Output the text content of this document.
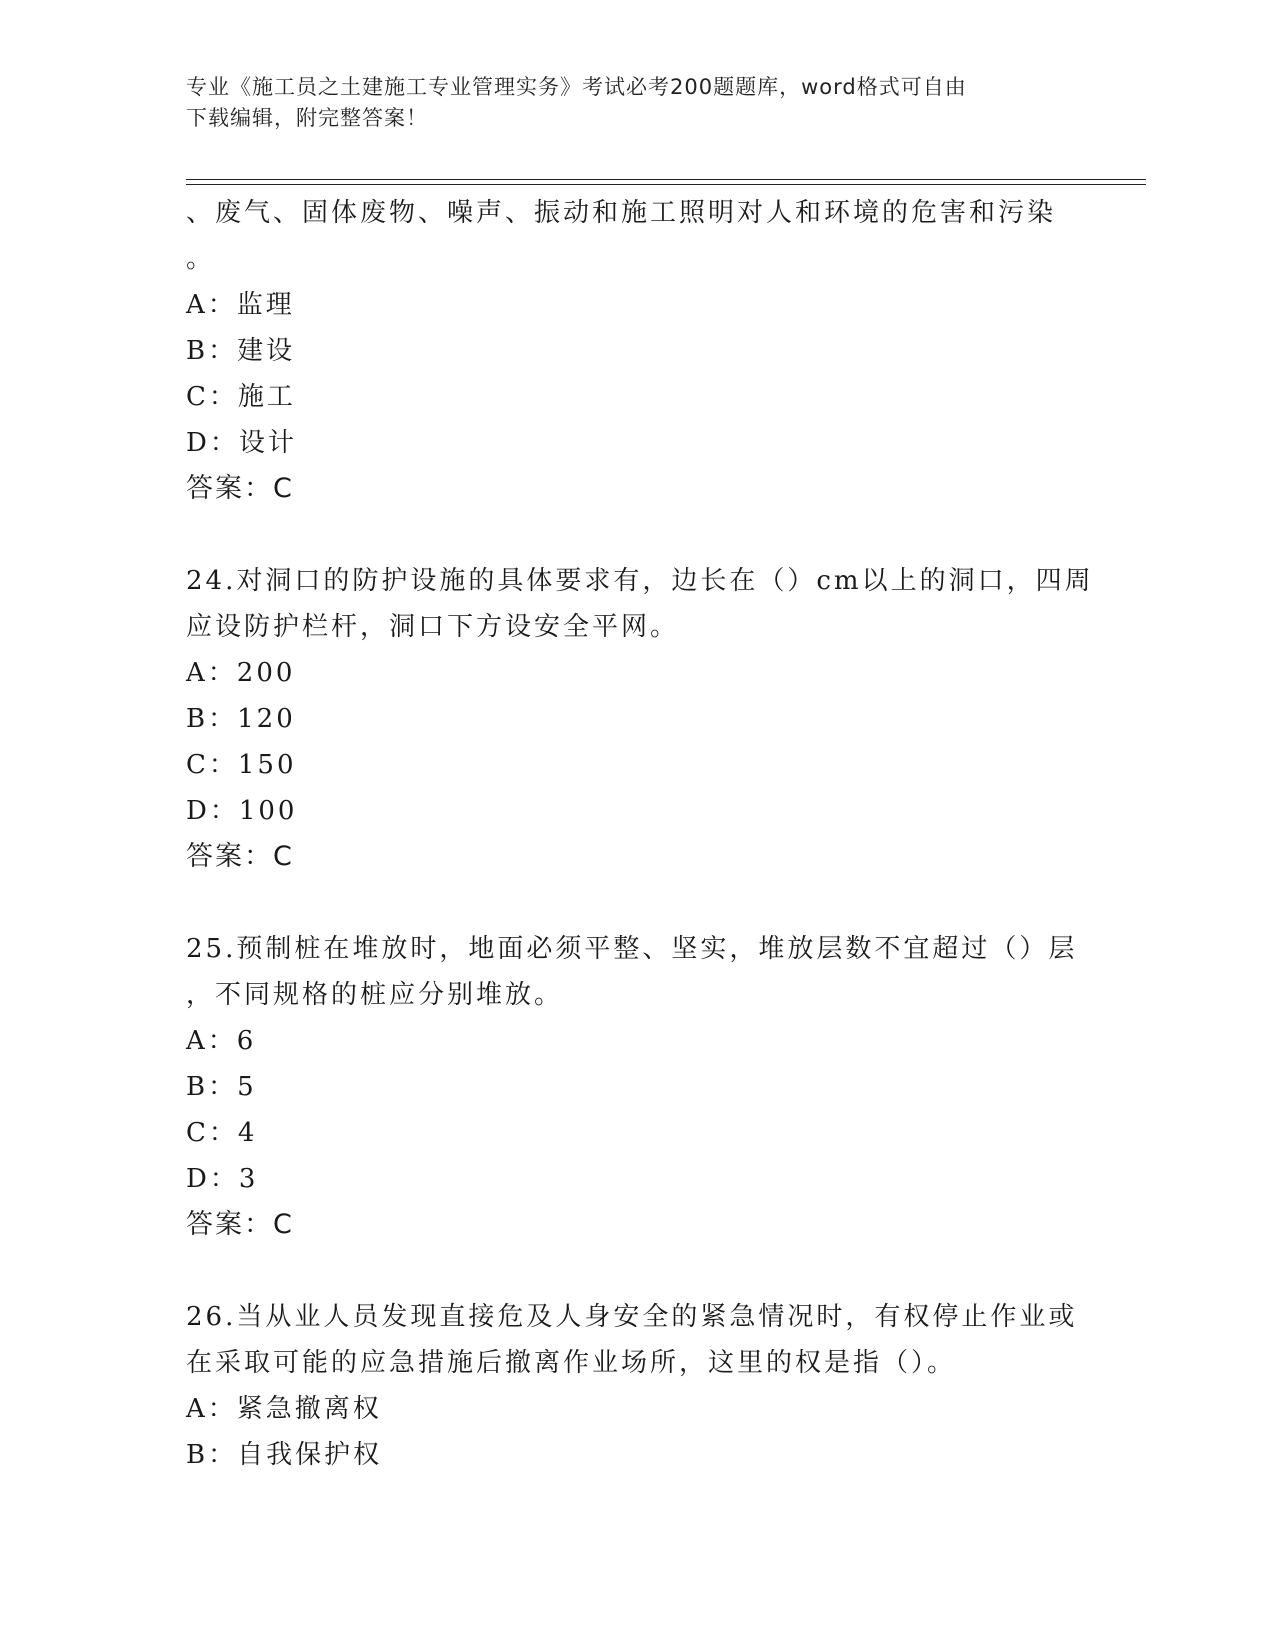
专业《施工员之土建施工专业管理实务》考试必考200题题库，word格式可自由
下载编辑，附完整答案！
、废气、固体废物、噪声、振动和施工照明对人和环境的危害和污染
。
A：监理
B：建设
C：施工
D：设计
答案：C
24.对洞口的防护设施的具体要求有，边长在（）cm以上的洞口，四周
应设防护栏杆，洞口下方设安全平网。
A：200
B：120
C：150
D：100
答案：C
25.预制桩在堆放时，地面必须平整、坚实，堆放层数不宜超过（）层
，不同规格的桩应分别堆放。
A：6
B：5
C：4
D：3
答案：C
26.当从业人员发现直接危及人身安全的紧急情况时，有权停止作业或
在采取可能的应急措施后撤离作业场所，这里的权是指（）。
A：紧急撤离权
B：自我保护权
